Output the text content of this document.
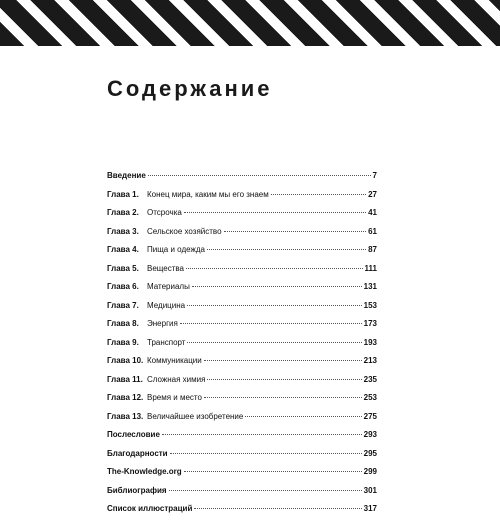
Содержание
Введение	7
Глава 1.	Конец мира, каким мы его знаем	27
Глава 2.	Отсрочка	41
Глава 3.	Сельское хозяйство	61
Глава 4.	Пища и одежда	87
Глава 5.	Вещества	111
Глава 6.	Материалы	131
Глава 7.	Медицина	153
Глава 8.	Энергия	173
Глава 9.	Транспорт	193
Глава 10. Коммуникации	213
Глава 11. Сложная химия	235
Глава 12. Время и место	253
Глава 13. Величайшее изобретение	275
Послесловие	293
Благодарности	295
The-Knowledge.org	299
Библиография	301
Список иллюстраций	317
